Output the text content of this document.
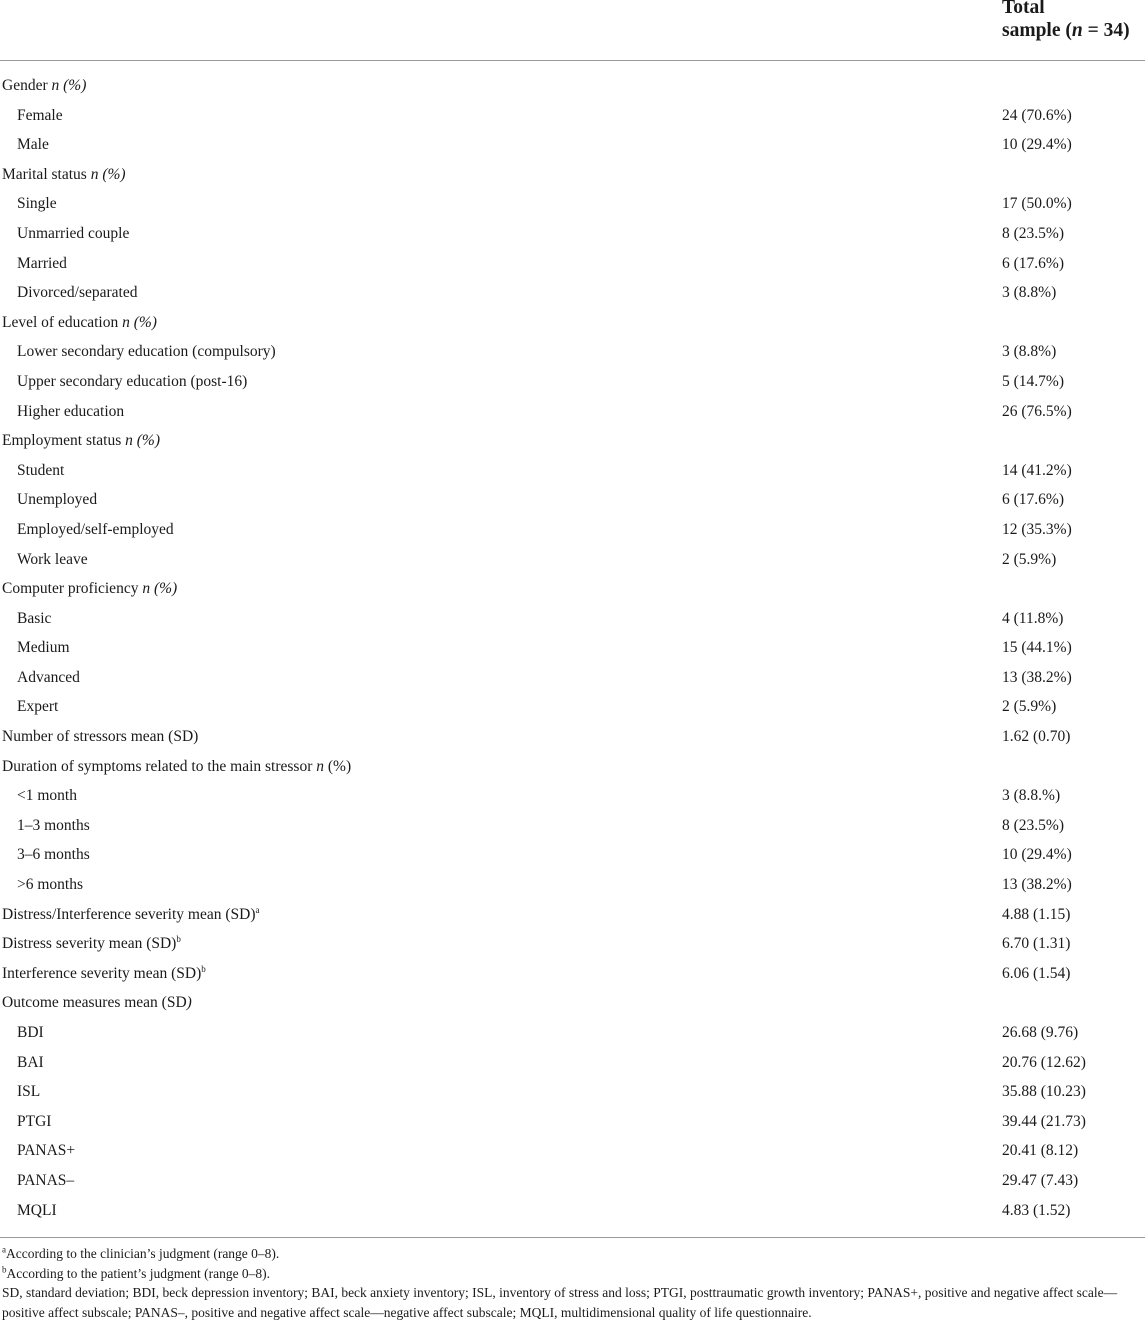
Total
sample (n = 34)
Gender n (%)
Female	24 (70.6%)
Male	10 (29.4%)
Marital status n (%)
Single	17 (50.0%)
Unmarried couple	8 (23.5%)
Married	6 (17.6%)
Divorced/separated	3 (8.8%)
Level of education n (%)
Lower secondary education (compulsory)	3 (8.8%)
Upper secondary education (post-16)	5 (14.7%)
Higher education	26 (76.5%)
Employment status n (%)
Student	14 (41.2%)
Unemployed	6 (17.6%)
Employed/self-employed	12 (35.3%)
Work leave	2 (5.9%)
Computer proficiency n (%)
Basic	4 (11.8%)
Medium	15 (44.1%)
Advanced	13 (38.2%)
Expert	2 (5.9%)
Number of stressors mean (SD)	1.62 (0.70)
Duration of symptoms related to the main stressor n (%)
<1 month	3 (8.8.%)
1–3 months	8 (23.5%)
3–6 months	10 (29.4%)
>6 months	13 (38.2%)
Distress/Interference severity mean (SD)$^a$	4.88 (1.15)
Distress severity mean (SD)$^b$	6.70 (1.31)
Interference severity mean (SD)$^b$	6.06 (1.54)
Outcome measures mean (SD)
BDI	26.68 (9.76)
BAI	20.76 (12.62)
ISL	35.88 (10.23)
PTGI	39.44 (21.73)
PANAS+	20.41 (8.12)
PANAS–	29.47 (7.43)
MQLI	4.83 (1.52)

$^a$According to the clinician’s judgment (range 0–8).

$^b$According to the patient’s judgment (range 0–8).

SD, standard deviation; BDI, beck depression inventory; BAI, beck anxiety inventory; ISL, inventory of stress and loss; PTGI, posttraumatic growth inventory; PANAS+, positive and negative affect scale—positive affect subscale; PANAS–, positive and negative affect scale—negative affect subscale; MQLI, multidimensional quality of life questionnaire.
